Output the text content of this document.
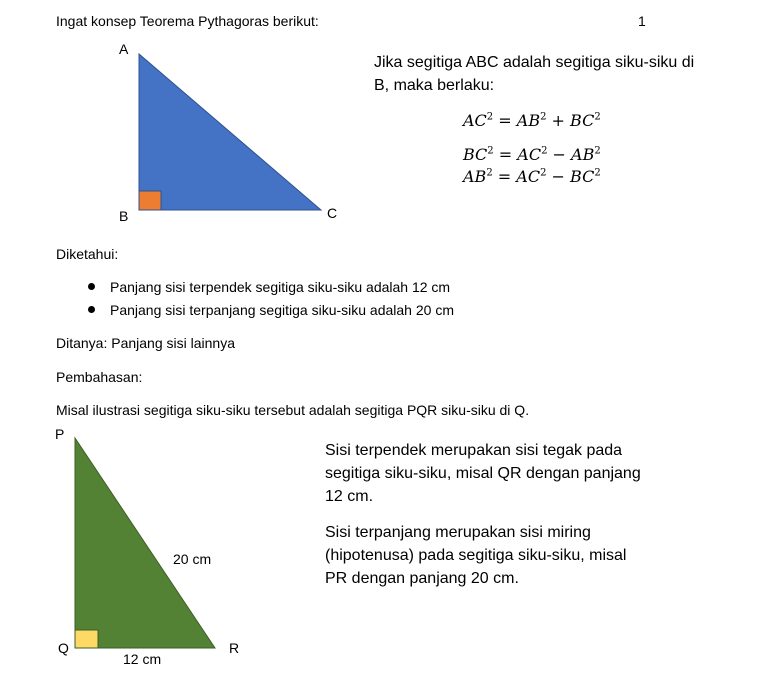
Ingat konsep Teorema Pythagoras berikut:	1

A
B	C

Jika segitiga ABC adalah segitiga siku-siku di

B, maka berlaku:

$AC^2 = AB^2 + BC^2$
$BC^2 = AC^2 - AB^2$
$AB^2 = AC^2 - BC^2$

Diketahui:

Panjang sisi terpendek segitiga siku-siku adalah 12 cm

Panjang sisi terpanjang segitiga siku-siku adalah 20 cm

Ditanya: Panjang sisi lainnya

Pembahasan:

Misal ilustrasi segitiga siku-siku tersebut adalah segitiga PQR siku-siku di Q.

P
Q	R
20 cm
12 cm
Sisi terpendek merupakan sisi tegak pada
segitiga siku-siku, misal QR dengan panjang
12 cm.
Sisi terpanjang merupakan sisi miring
(hipotenusa) pada segitiga siku-siku, misal
PR dengan panjang 20 cm.
